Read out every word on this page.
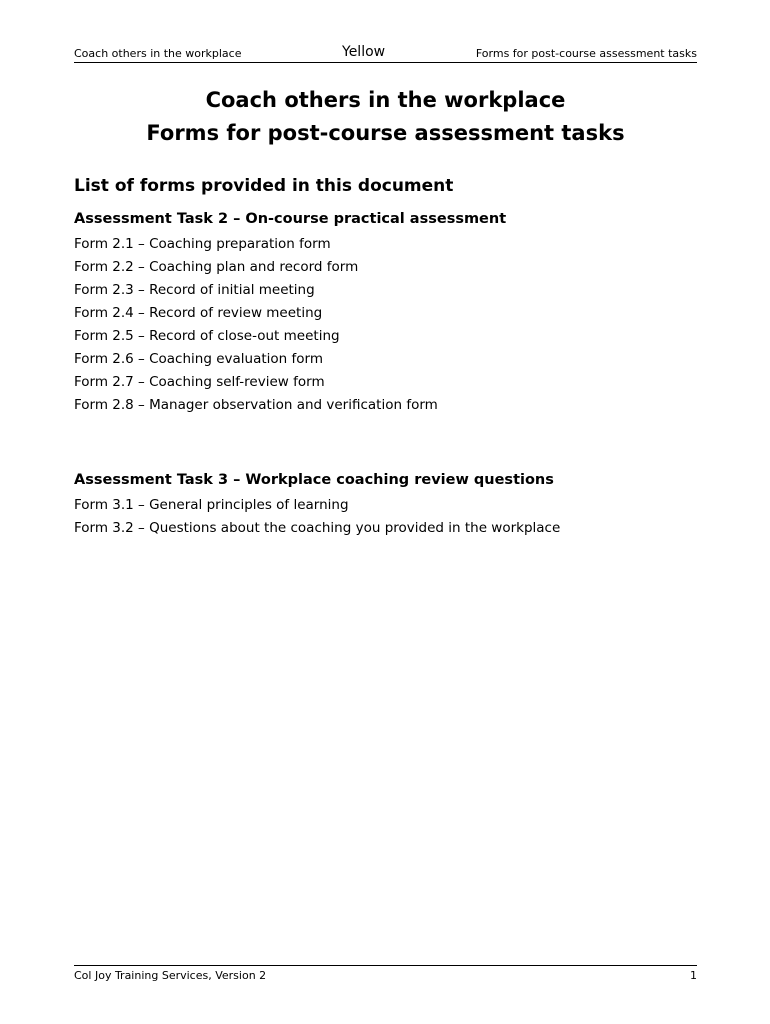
Coach others in the workplace	Yellow	Forms for post-course assessment tasks
Coach others in the workplace
Forms for post-course assessment tasks
List of forms provided in this document
Assessment Task 2 – On-course practical assessment
Form 2.1 – Coaching preparation form
Form 2.2 – Coaching plan and record form
Form 2.3 – Record of initial meeting
Form 2.4 – Record of review meeting
Form 2.5 – Record of close-out meeting
Form 2.6 – Coaching evaluation form
Form 2.7 – Coaching self-review form
Form 2.8 – Manager observation and verification form
Assessment Task 3 – Workplace coaching review questions
Form 3.1 – General principles of learning
Form 3.2 – Questions about the coaching you provided in the workplace
Col Joy Training Services, Version 2	1
